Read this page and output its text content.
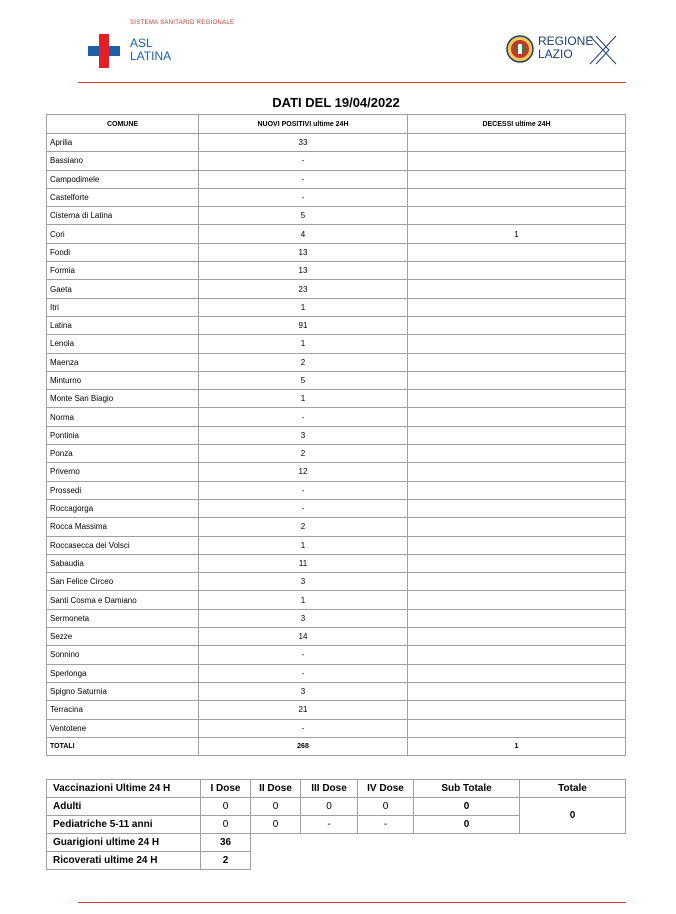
SISTEMA SANITARIO REGIONALE
ASL
LATINA
REGIONE
LAZIO
DATI DEL 19/04/2022
COMUNE	NUOVI POSITIVI ultime 24H	DECESSI ultime 24H
Aprilia	33	
Bassiano	-	
Campodimele	-	
Castelforte	-	
Cisterna di Latina	5	
Cori	4	1
Fondi	13	
Formia	13	
Gaeta	23	
Itri	1	
Latina	91	
Lenola	1	
Maenza	2	
Minturno	5	
Monte San Biagio	1	
Norma	-	
Pontinia	3	
Ponza	2	
Priverno	12	
Prossedi	-	
Roccagorga	-	
Rocca Massima	2	
Roccasecca dei Volsci	1	
Sabaudia	11	
San Felice Circeo	3	
Santi Cosma e Damiano	1	
Sermoneta	3	
Sezze	14	
Sonnino	-	
Sperlonga	-	
Spigno Saturnia	3	
Terracina	21	
Ventotene	-	
TOTALI	268	1
Vaccinazioni Ultime 24 H	I Dose	II Dose	III Dose	IV Dose	Sub Totale	Totale
Adulti	0	0	0	0	0	0
Pediatriche 5-11 anni	0	0	-	-	0	
Guarigioni ultime 24 H	36					
Ricoverati ultime 24 H	2					
